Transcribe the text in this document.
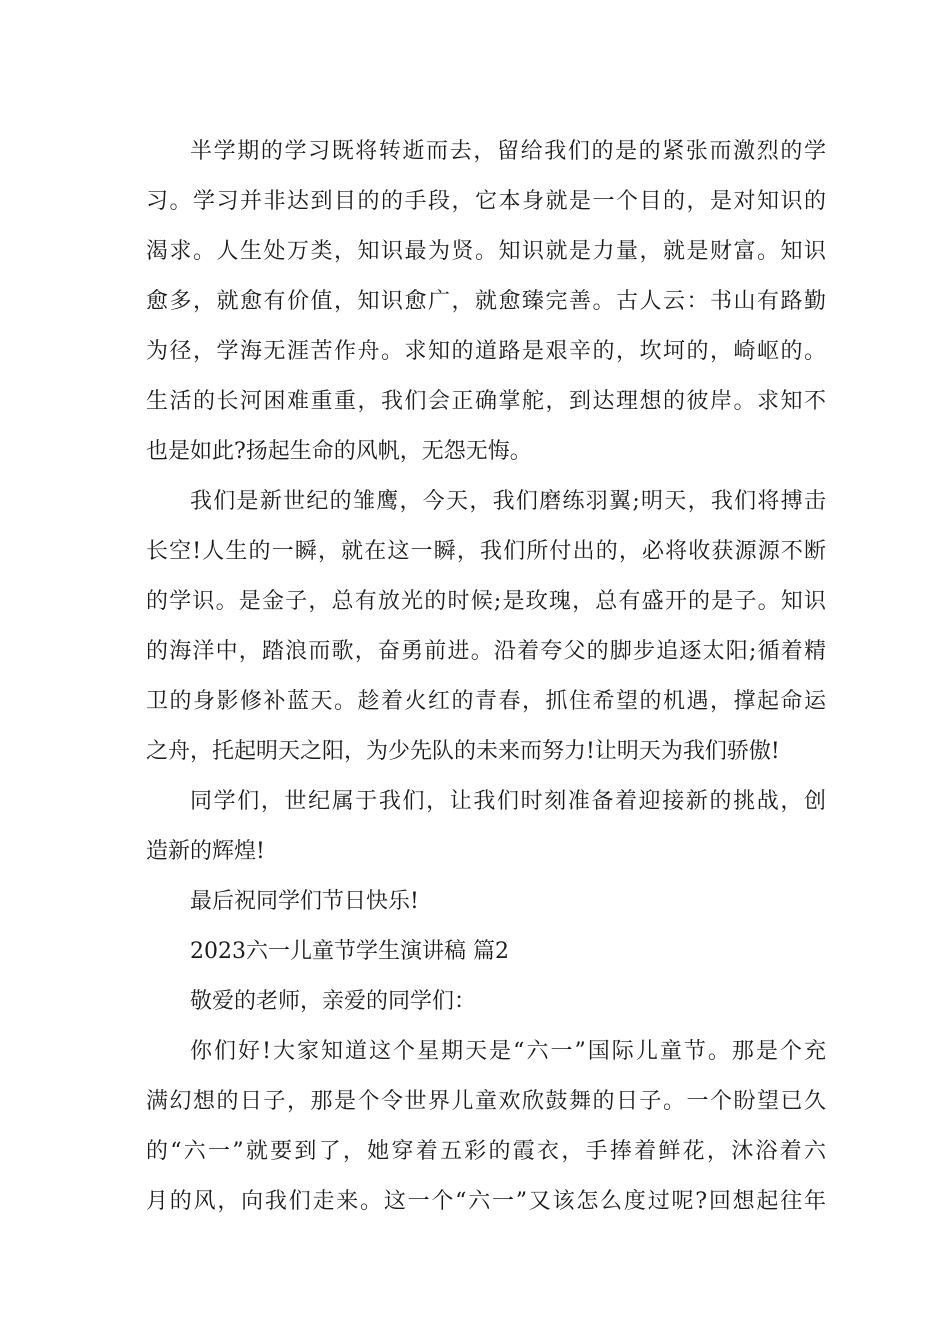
半学期的学习既将转逝而去，留给我们的是的紧张而激烈的学
习。学习并非达到目的的手段，它本身就是一个目的，是对知识的
渴求。人生处万类，知识最为贤。知识就是力量，就是财富。知识
愈多，就愈有价值，知识愈广，就愈臻完善。古人云：书山有路勤
为径，学海无涯苦作舟。求知的道路是艰辛的，坎坷的，崎岖的。
生活的长河困难重重，我们会正确掌舵，到达理想的彼岸。求知不
也是如此?扬起生命的风帆，无怨无悔。
我们是新世纪的雏鹰，今天，我们磨练羽翼;明天，我们将搏击
长空!人生的一瞬，就在这一瞬，我们所付出的，必将收获源源不断
的学识。是金子，总有放光的时候;是玫瑰，总有盛开的是子。知识
的海洋中，踏浪而歌，奋勇前进。沿着夸父的脚步追逐太阳;循着精
卫的身影修补蓝天。趁着火红的青春，抓住希望的机遇，撑起命运
之舟，托起明天之阳，为少先队的未来而努力!让明天为我们骄傲!
同学们，世纪属于我们，让我们时刻准备着迎接新的挑战，创
造新的辉煌!
最后祝同学们节日快乐!
2023六一儿童节学生演讲稿 篇2
敬爱的老师，亲爱的同学们：
你们好!大家知道这个星期天是“六一”国际儿童节。那是个充
满幻想的日子，那是个令世界儿童欢欣鼓舞的日子。一个盼望已久
的“六一”就要到了，她穿着五彩的霞衣，手捧着鲜花，沐浴着六
月的风，向我们走来。这一个“六一”又该怎么度过呢?回想起往年
